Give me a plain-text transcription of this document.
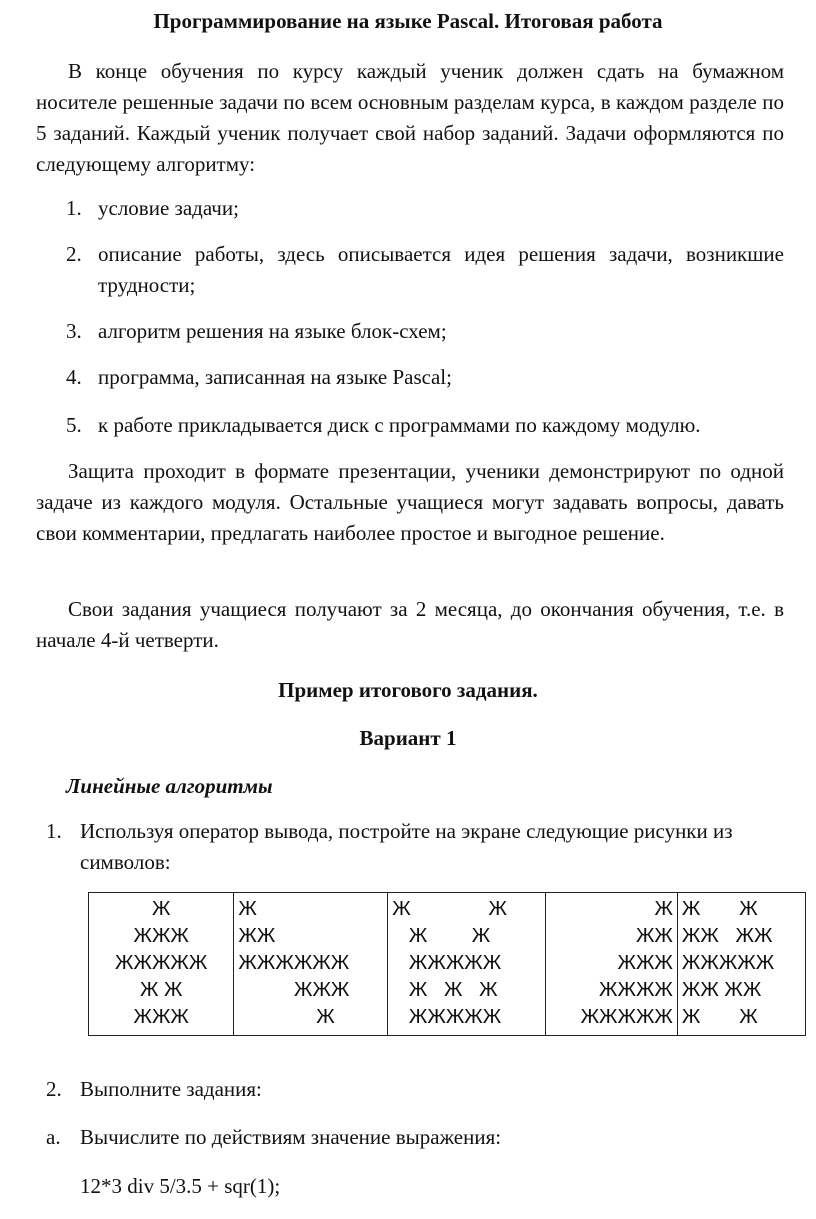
Программирование на языке Pascal. Итоговая работа
В конце обучения по курсу каждый ученик должен сдать на бумажном носителе решенные задачи по всем основным разделам курса, в каждом разделе по 5 заданий. Каждый ученик получает свой набор заданий. Задачи оформляются по следующему алгоритму:
1. условие задачи;
2. описание работы, здесь описывается идея решения задачи, возникшие трудности;
3. алгоритм решения на языке блок-схем;
4. программа, записанная на языке Pascal;
5. к работе прикладывается диск с программами по каждому модулю.
Защита проходит в формате презентации, ученики демонстрируют по одной задаче из каждого модуля. Остальные учащиеся могут задавать вопросы, давать свои комментарии, предлагать наиболее простое и выгодное решение.
Свои задания учащиеся получают за 2 месяца, до окончания обучения, т.е. в начале 4-й четверти.
Пример итогового задания.
Вариант 1
Линейные алгоритмы
1. Используя оператор вывода, постройте на экране следующие рисунки из символов:
Ж
ЖЖЖ
ЖЖЖЖЖ
Ж Ж
ЖЖЖ

Ж
ЖЖ
ЖЖЖЖЖЖ
ЖЖЖ
Ж

Ж              Ж
Ж        Ж
ЖЖЖЖЖ
Ж   Ж   Ж
ЖЖЖЖЖ

Ж
ЖЖ
ЖЖЖ
ЖЖЖЖ
ЖЖЖЖЖ

Ж       Ж
ЖЖ   ЖЖ
ЖЖЖЖЖ
ЖЖ ЖЖ
Ж       Ж
2. Выполните задания:
a. Вычислите по действиям значение выражения:
12*3 div 5/3.5 + sqr(1);
